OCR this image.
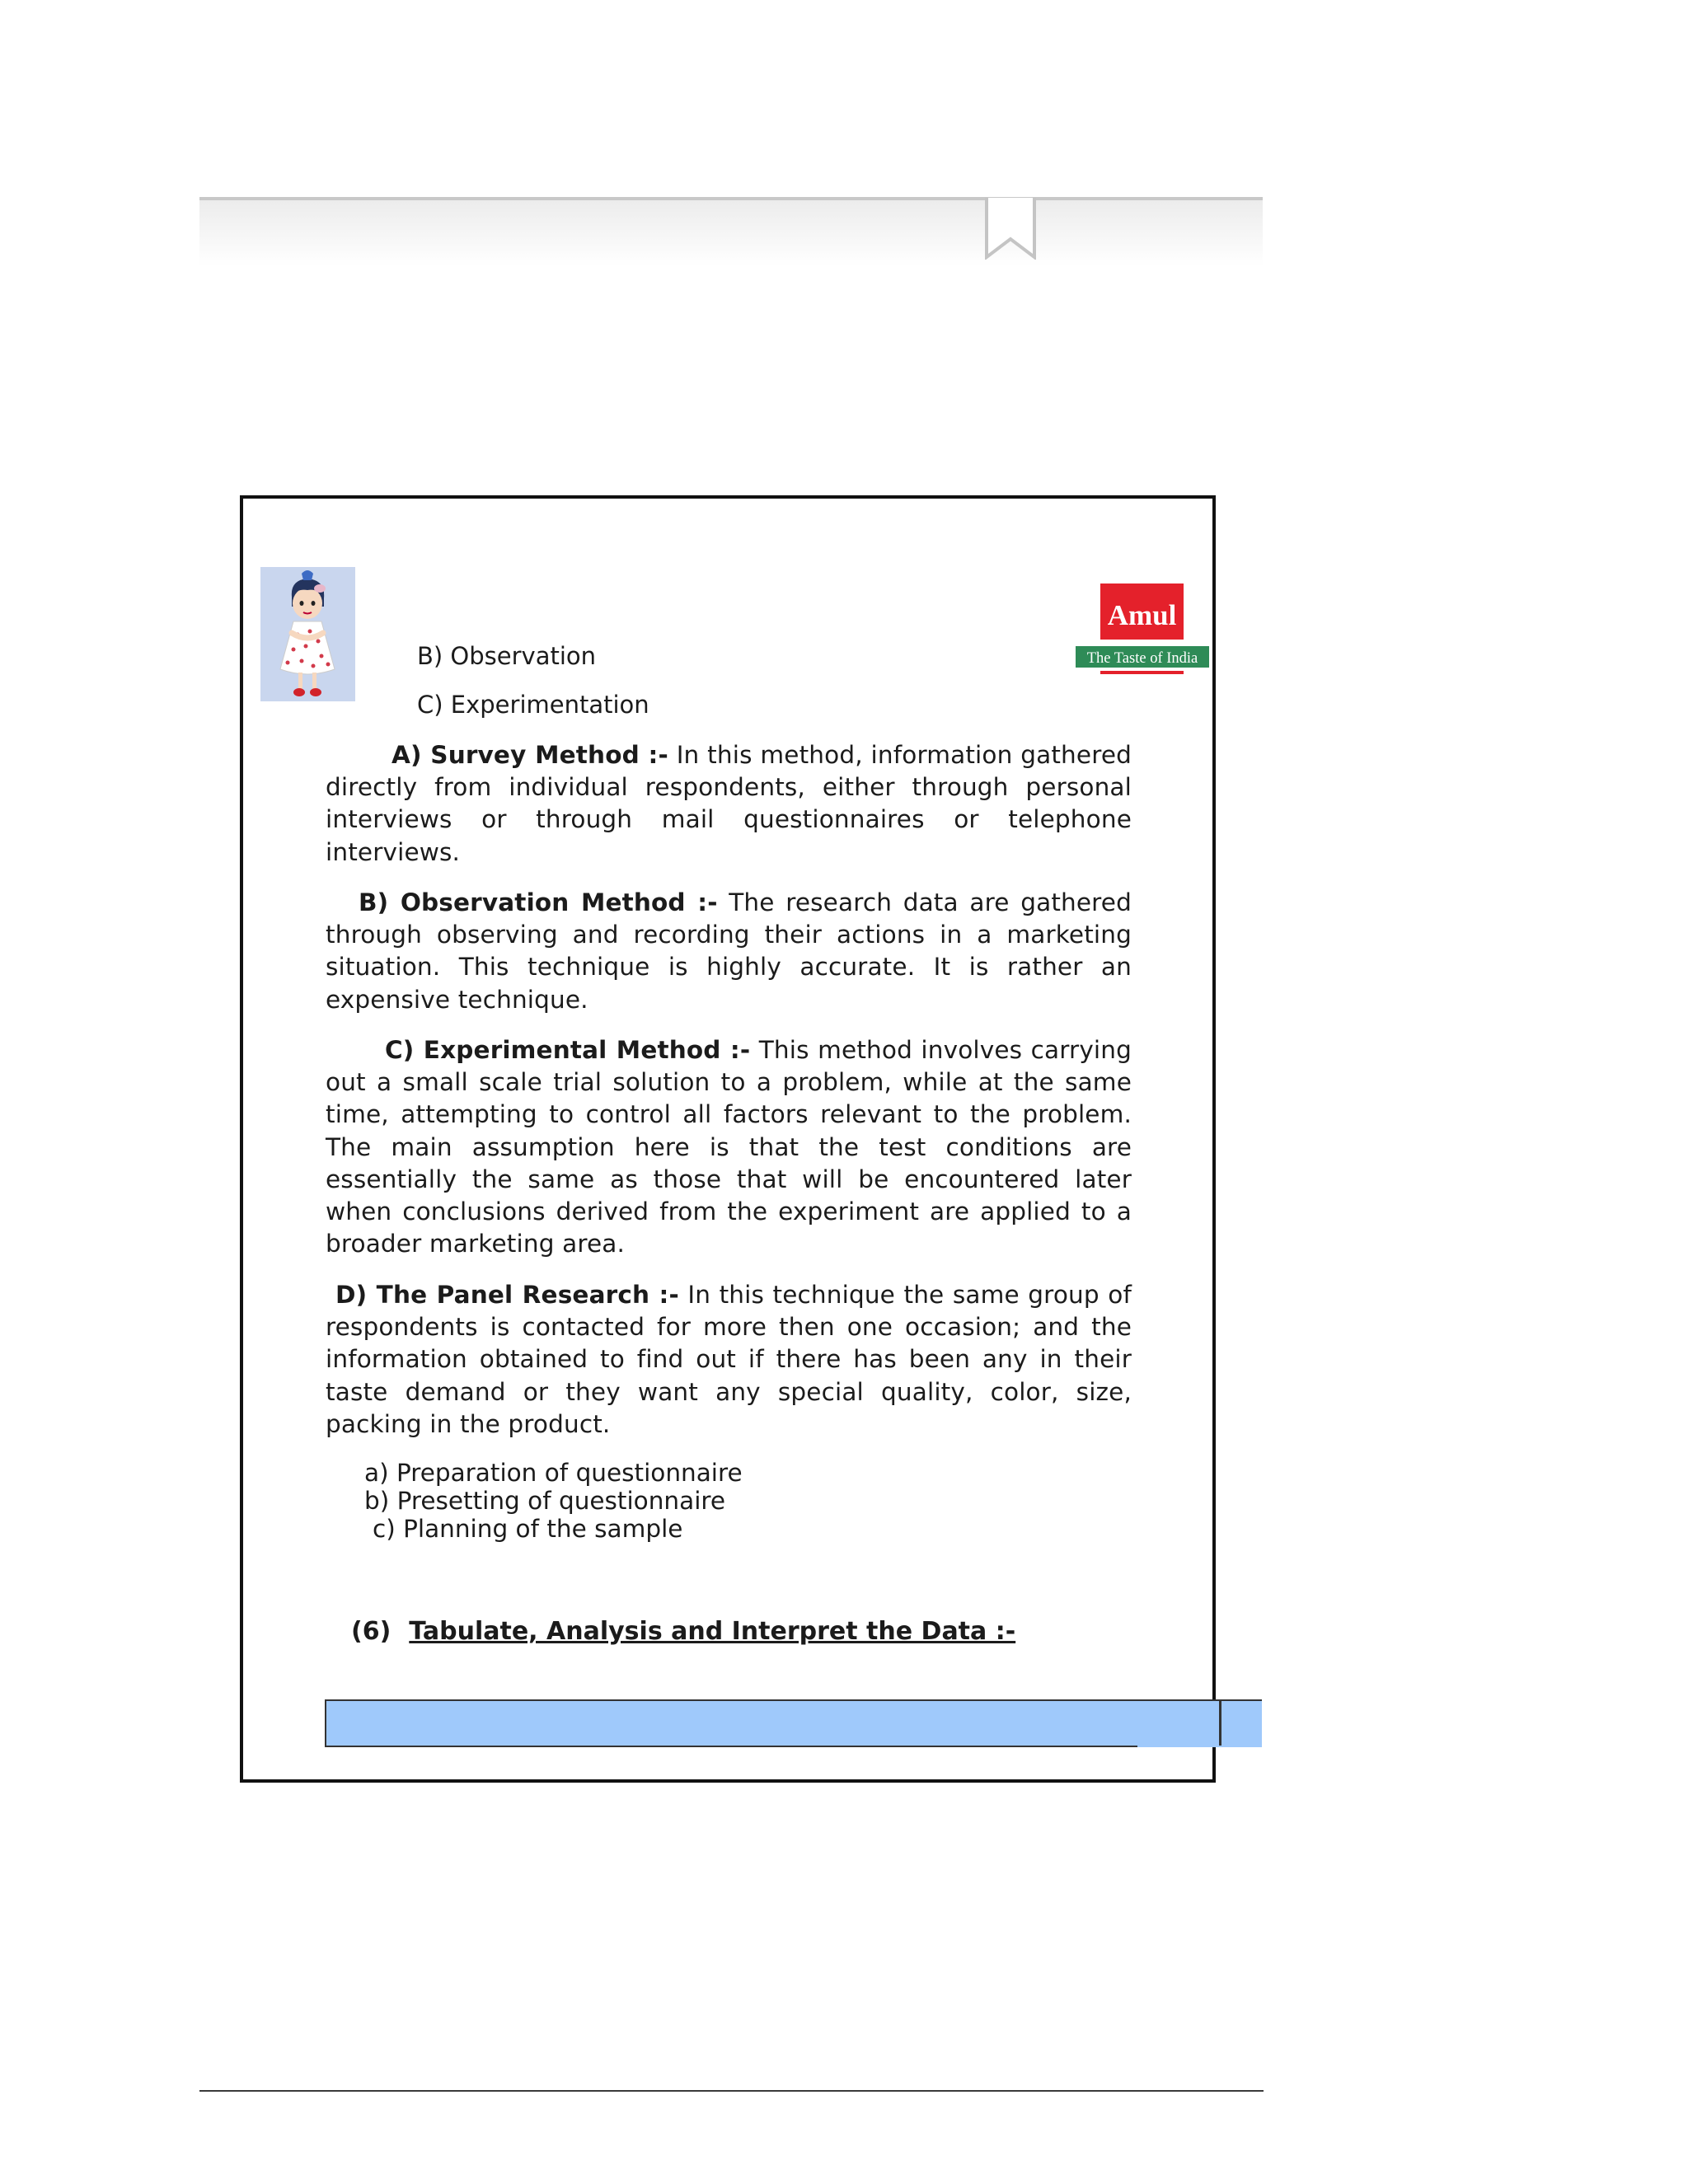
B) Observation
C) Experimentation
Amul
The Taste of India
A) Survey Method :- In this method, information gathered directly from individual respondents, either through personal interviews or through mail questionnaires or telephone interviews.
B) Observation Method :- The research data are gathered through observing and recording their actions in a marketing situation. This technique is highly accurate. It is rather an expensive technique.
C) Experimental Method :- This method involves carrying out a small scale trial solution to a problem, while at the same time, attempting to control all factors relevant to the problem. The main assumption here is that the test conditions are essentially the same as those that will be encountered later when conclusions derived from the experiment are applied to a broader marketing area.
D) The Panel Research :- In this technique the same group of respondents is contacted for more then one occasion; and the information obtained to find out if there has been any in their taste demand or they want any special quality, color, size, packing in the product.
a) Preparation of questionnaire
b) Presetting of questionnaire
c) Planning of the sample
(6) Tabulate, Analysis and Interpret the Data :-
